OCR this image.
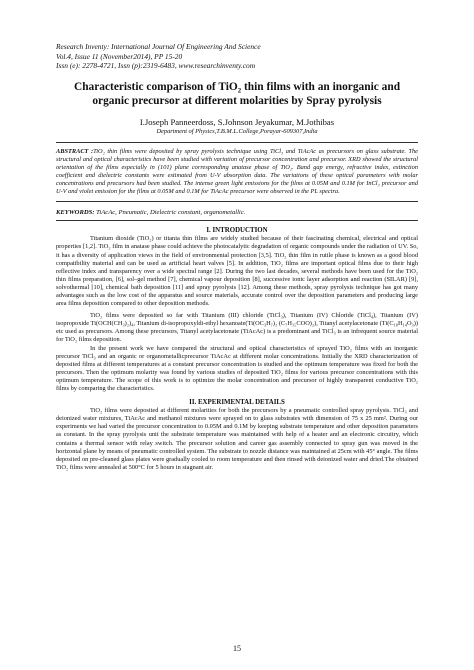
Research Inventy: International Journal Of Engineering And Science
Vol.4, Issue 11 (November2014), PP 15-20
Issn (e): 2278-4721, Issn (p):2319-6483, www.researchinventy.com
Characteristic comparison of TiO₂ thin films with an inorganic and organic precursor at different molarities by Spray pyrolysis
I.Joseph Panneerdoss, S.Johnson Jeyakumar, M.Jothibas
Department of Physics,T.B.M.L.College,Porayar-609307,India
ABSTRACT :TiO₂ thin films were deposited by spray pyrolysis technique using TiCl₃ and TiAcAc as precursors on glass substrate. The structural and optical characteristics have been studied with variation of precursor concentration and precursor. XRD showed the structural orientation of the films especially in (101) plane corresponding anatase phase of TiO₂. Band gap energy, refractive index, extinction coefficient and dielectric constants were estimated from U-V absorption data. The variations of these optical parameters with molar concentrations and precursors had been studied. The intense green light emissions for the films at 0.05M and 0.1M for InCl₃ precursor and U-V and violet emission for the films at 0.05M and 0.1M for TiAcAc precursor were observed in the PL spectra.
KEYWORDS: TiAcAc, Pneumatic, Dielectric constant, organometallic.
I. INTRODUCTION

Titanium dioxide (TiO₂) or titania thin films are widely studied because of their fascinating chemical, electrical and optical properties [1,2]. TiO₂ film in anatase phase could achieve the photocatalytic degradation of organic compounds under the radiation of UV. So, it has a diversity of application views in the field of environmental protection [3,5]. TiO₂ thin film in rutile phase is known as a good blood compatibility material and can be used as artificial heart valves [5]. In addition, TiO₂ films are important optical films due to their high reflective index and transparency over a wide spectral range [2]. During the two last decades, several methods have been used for the TiO₂ thin films preparation, [6], sol–gel method [7], chemical vapour deposition [8], successive ionic layer adsorption and reaction (SILAR) [9], solvothermal [10], chemical bath deposition [11] and spray pyrolysis [12]. Among these methods, spray pyrolysis technique has got many advantages such as the low cost of the apparatus and source materials, accurate control over the deposition parameters and producing large area films deposition compared to other deposition methods.

TiO₂ films were deposited so far with Titanium (III) chloride (TiCl₃), Titanium (IV) Chloride (TiCl₄), Titanium (IV) isopropoxide Ti(OCH(CH₃)₂)₄, Titanium di-isopropoxyldi-ethyl hexanoate(Ti(OC₃H₇)₂ (C₇H₁₅COO)₂), Titanyl acetylacetonate (Ti(C₁₀H₁₄O₃)) etc used as precursors. Among these precursors, Titanyl acetylacetonate (TiAcAc) is a predominant and TiCl₃ is an infrequent source material for TiO₂ films deposition.

In the present work we have compared the structural and optical characteristics of sprayed TiO₂ films with an inorganic precursor TiCl₃ and an organic or organometallicprecursor TiAcAc at different molar concentrations. Initially the XRD characterization of deposited films at different temperatures at a constant precursor concentration is studied and the optimum temperature was fixed for both the precursors. Then the optimum molarity was found by various studies of deposited TiO₂ films for various precursor concentrations with this optimum temperature. The scope of this work is to optimize the molar concentration and precursor of highly transparent conductive TiO₂ films by comparing the characteristics.

II. EXPERIMENTAL DETAILS

TiO₂ films were deposited at different molarities for both the precursors by a pneumatic controlled spray pyrolysis. TiCl₃ and deionized water mixtures, TiAcAc and methanol mixtures were sprayed on to glass substrates with dimension of 75 x 25 mm². During our experiments we had varied the precursor concentration to 0.05M and 0.1M by keeping substrate temperature and other deposition parameters as constant. In the spray pyrolysis unit the substrate temperature was maintained with help of a heater and an electronic circuitry, which contains a thermal sensor with relay switch. The precursor solution and career gas assembly connected to spray gun was moved in the horizontal plane by means of pneumatic controlled system. The substrate to nozzle distance was maintained at 25cm with 45° angle. The films deposited on pre-cleaned glass plates were gradually cooled to room temperature and then rinsed with deionized water and dried.The obtained TiO₂ films were annealed at 500°C for 5 hours in stagnant air.

15
